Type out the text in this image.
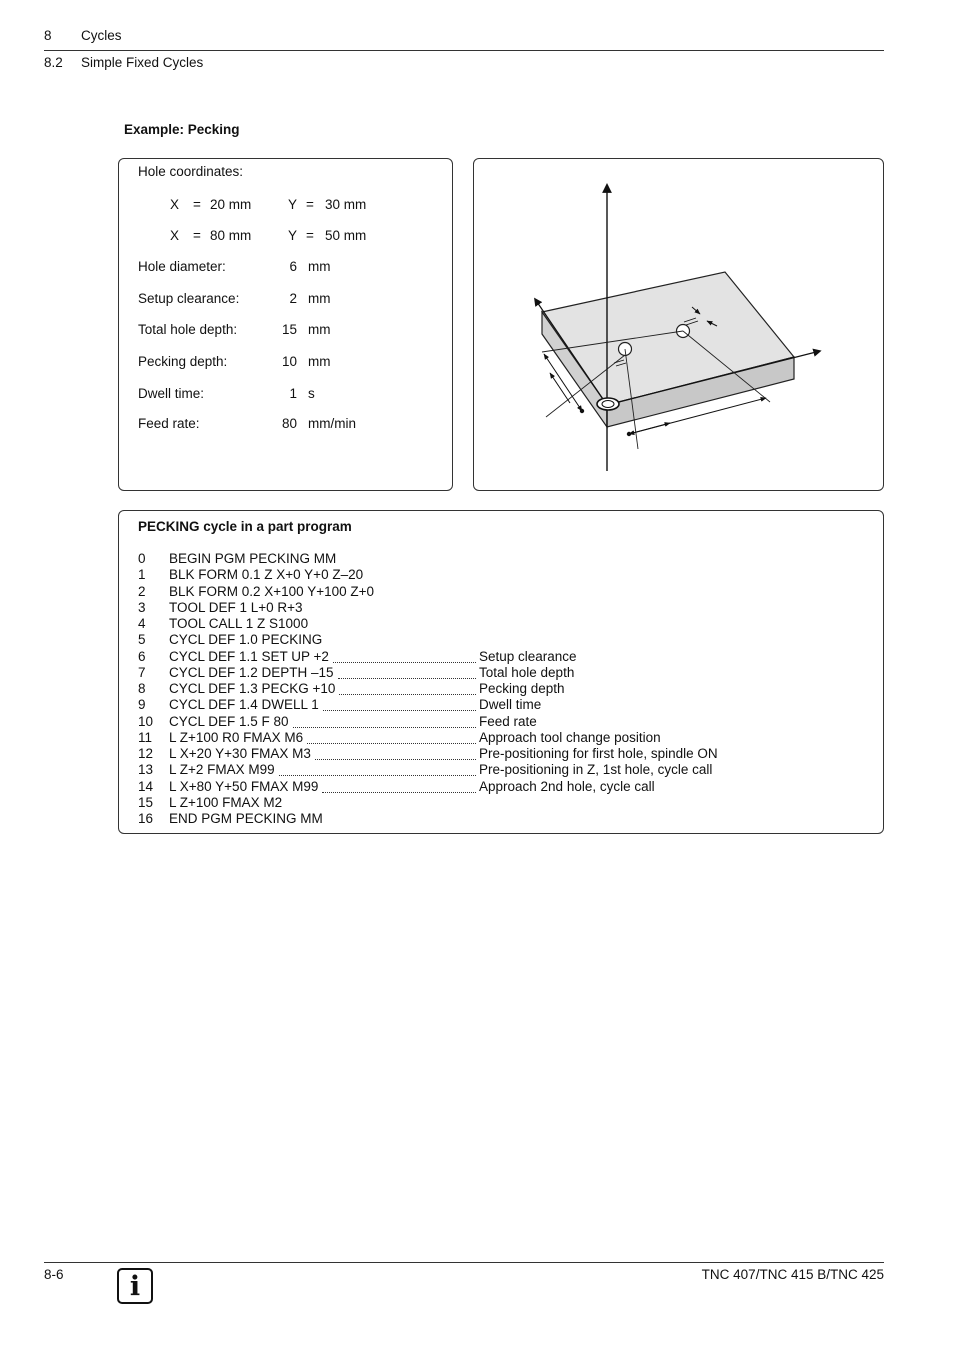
8 Cycles
8.2 Simple Fixed Cycles
Example: Pecking
Hole coordinates:
X = 20 mm	Y = 30 mm
X = 80 mm	Y = 50 mm
Hole diameter:	6 mm
Setup clearance:	2 mm
Total hole depth:	15 mm
Pecking depth:	10 mm
Dwell time:	1 s
Feed rate:	80 mm/min
PECKING cycle in a part program
0	BEGIN PGM PECKING MM
1	BLK FORM 0.1 Z X+0 Y+0 Z–20
2	BLK FORM 0.2 X+100 Y+100 Z+0
3	TOOL DEF 1 L+0 R+3
4	TOOL CALL 1 Z S1000
5	CYCL DEF 1.0 PECKING
6	CYCL DEF 1.1 SET UP +2	Setup clearance
7	CYCL DEF 1.2 DEPTH –15	Total hole depth
8	CYCL DEF 1.3 PECKG +10	Pecking depth
9	CYCL DEF 1.4 DWELL 1	Dwell time
10	CYCL DEF 1.5 F 80	Feed rate
11	L Z+100 R0 FMAX M6	Approach tool change position
12	L X+20 Y+30 FMAX M3	Pre-positioning for first hole, spindle ON
13	L Z+2 FMAX M99	Pre-positioning in Z, 1st hole, cycle call
14	L X+80 Y+50 FMAX M99	Approach 2nd hole, cycle call
15	L Z+100 FMAX M2
16	END PGM PECKING MM
8-6	i	TNC 407/TNC 415 B/TNC 425
